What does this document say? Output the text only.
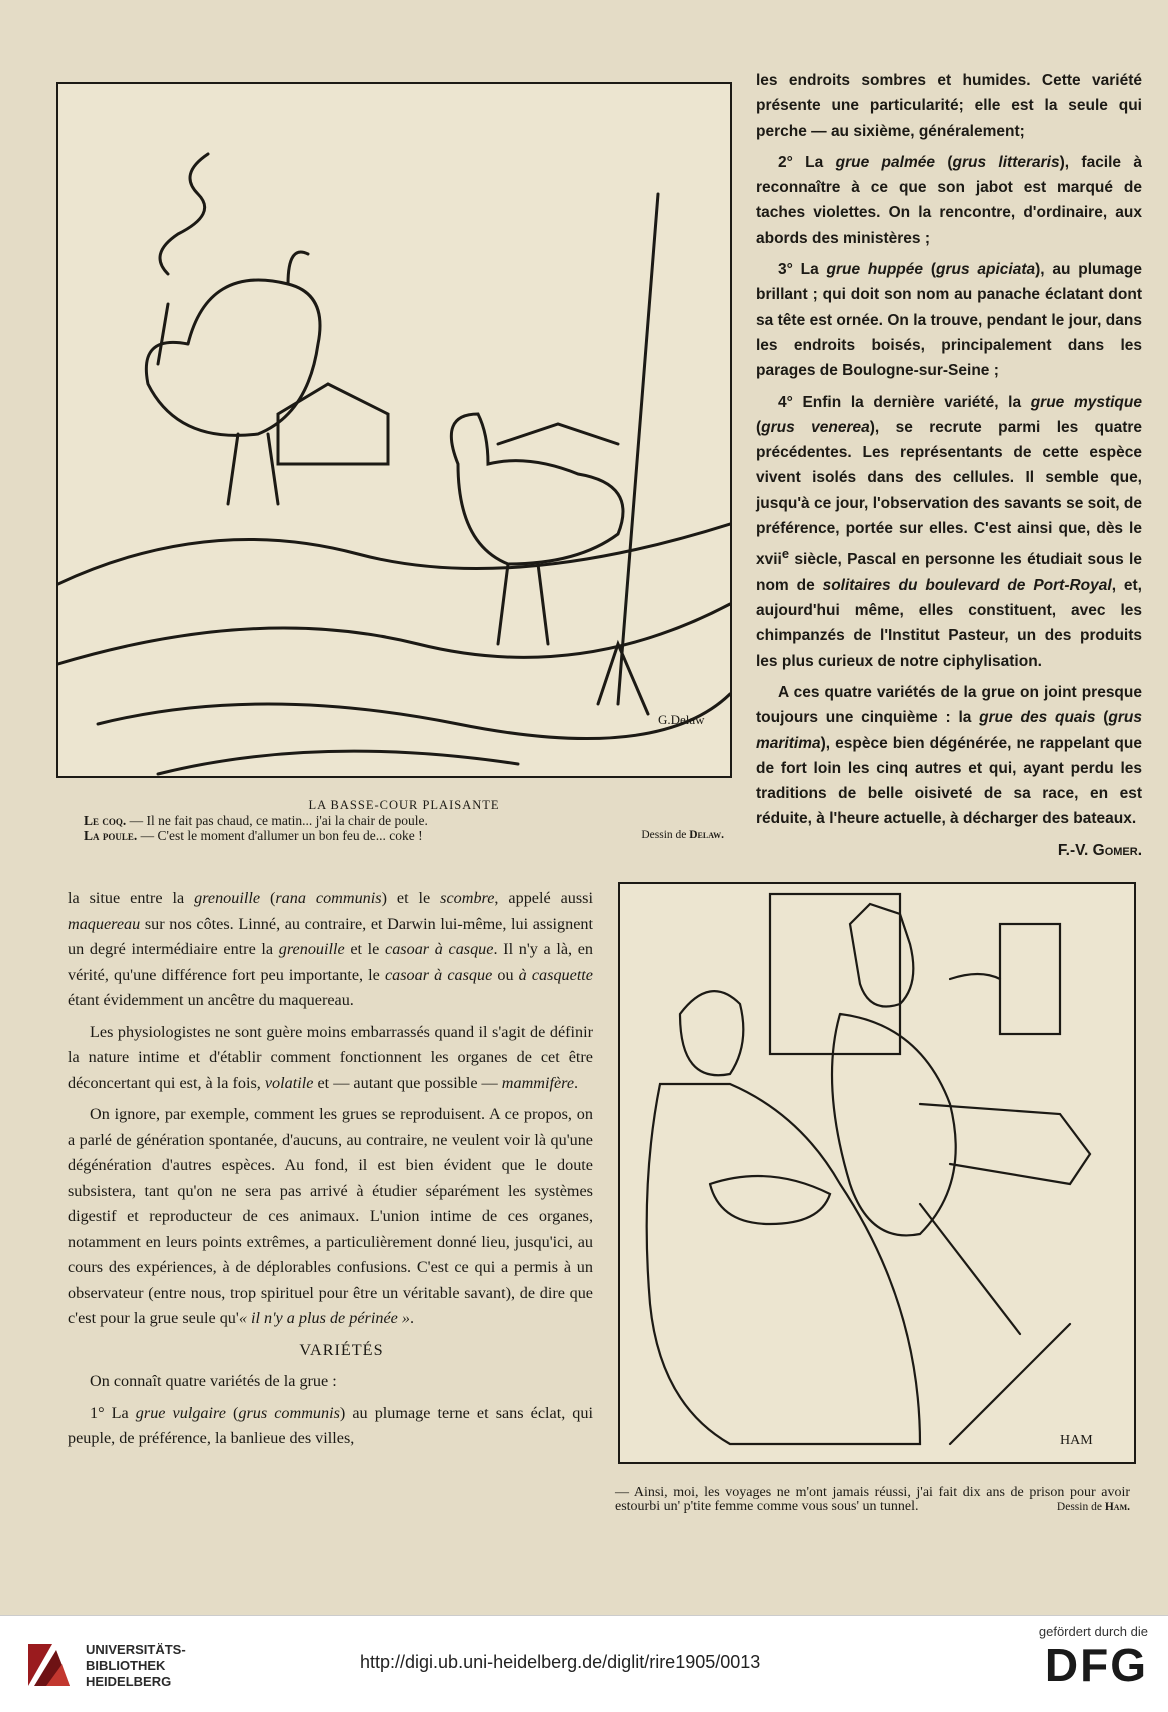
G.Delaw
LA BASSE-COUR PLAISANTE
Le coq. — Il ne fait pas chaud, ce matin... j'ai la chair de poule.
La poule. — C'est le moment d'allumer un bon feu de... coke !	Dessin de Delaw.

les endroits sombres et humides. Cette variété présente une particularité; elle est la seule qui perche — au sixième, généralement;

2° La grue palmée (grus litteraris), facile à reconnaître à ce que son jabot est marqué de taches violettes. On la rencontre, d'ordinaire, aux abords des ministères ;

3° La grue huppée (grus apiciata), au plumage brillant ; qui doit son nom au panache éclatant dont sa tête est ornée. On la trouve, pendant le jour, dans les endroits boisés, principalement dans les parages de Boulogne-sur-Seine ;

4° Enfin la dernière variété, la grue mystique (grus venerea), se recrute parmi les quatre précédentes. Les représentants de cette espèce vivent isolés dans des cellules. Il semble que, jusqu'à ce jour, l'observation des savants se soit, de préférence, portée sur elles. C'est ainsi que, dès le xvii$^e$ siècle, Pascal en personne les étudiait sous le nom de solitaires du boulevard de Port-Royal, et, aujourd'hui même, elles constituent, avec les chimpanzés de l'Institut Pasteur, un des produits les plus curieux de notre ciphylisation.

A ces quatre variétés de la grue on joint presque toujours une cinquième : la grue des quais (grus maritima), espèce bien dégénérée, ne rappelant que de fort loin les cinq autres et qui, ayant perdu les traditions de belle oisiveté de sa race, en est réduite, à l'heure actuelle, à décharger des bateaux.

F.-V. Gomer.

la situe entre la grenouille (rana communis) et le scombre, appelé aussi maquereau sur nos côtes. Linné, au contraire, et Darwin lui-même, lui assignent un degré intermédiaire entre la grenouille et le casoar à casque. Il n'y a là, en vérité, qu'une différence fort peu importante, le casoar à casque ou à casquette étant évidemment un ancêtre du maquereau.

Les physiologistes ne sont guère moins embarrassés quand il s'agit de définir la nature intime et d'établir comment fonctionnent les organes de cet être déconcertant qui est, à la fois, volatile et — autant que possible — mammifère.

On ignore, par exemple, comment les grues se reproduisent. A ce propos, on a parlé de génération spontanée, d'aucuns, au contraire, ne veulent voir là qu'une dégénération d'autres espèces. Au fond, il est bien évident que le doute subsistera, tant qu'on ne sera pas arrivé à étudier séparément les systèmes digestif et reproducteur de ces animaux. L'union intime de ces organes, notamment en leurs points extrêmes, a particulièrement donné lieu, jusqu'ici, au cours des expériences, à de déplorables confusions. C'est ce qui a permis à un observateur (entre nous, trop spirituel pour être un véritable savant), de dire que c'est pour la grue seule qu'« il n'y a plus de périnée ».

VARIÉTÉS

On connaît quatre variétés de la grue :

1° La grue vulgaire (grus communis) au plumage terne et sans éclat, qui peuple, de préférence, la banlieue des villes,	HAM
— Ainsi, moi, les voyages ne m'ont jamais réussi, j'ai fait dix ans de prison pour avoir estourbi un' p'tite femme comme vous sous' un tunnel.	Dessin de Ham.
UNIVERSITÄTS-
BIBLIOTHEK
HEIDELBERG
http://digi.ub.uni-heidelberg.de/diglit/rire1905/0013
gefördert durch die
DFG
